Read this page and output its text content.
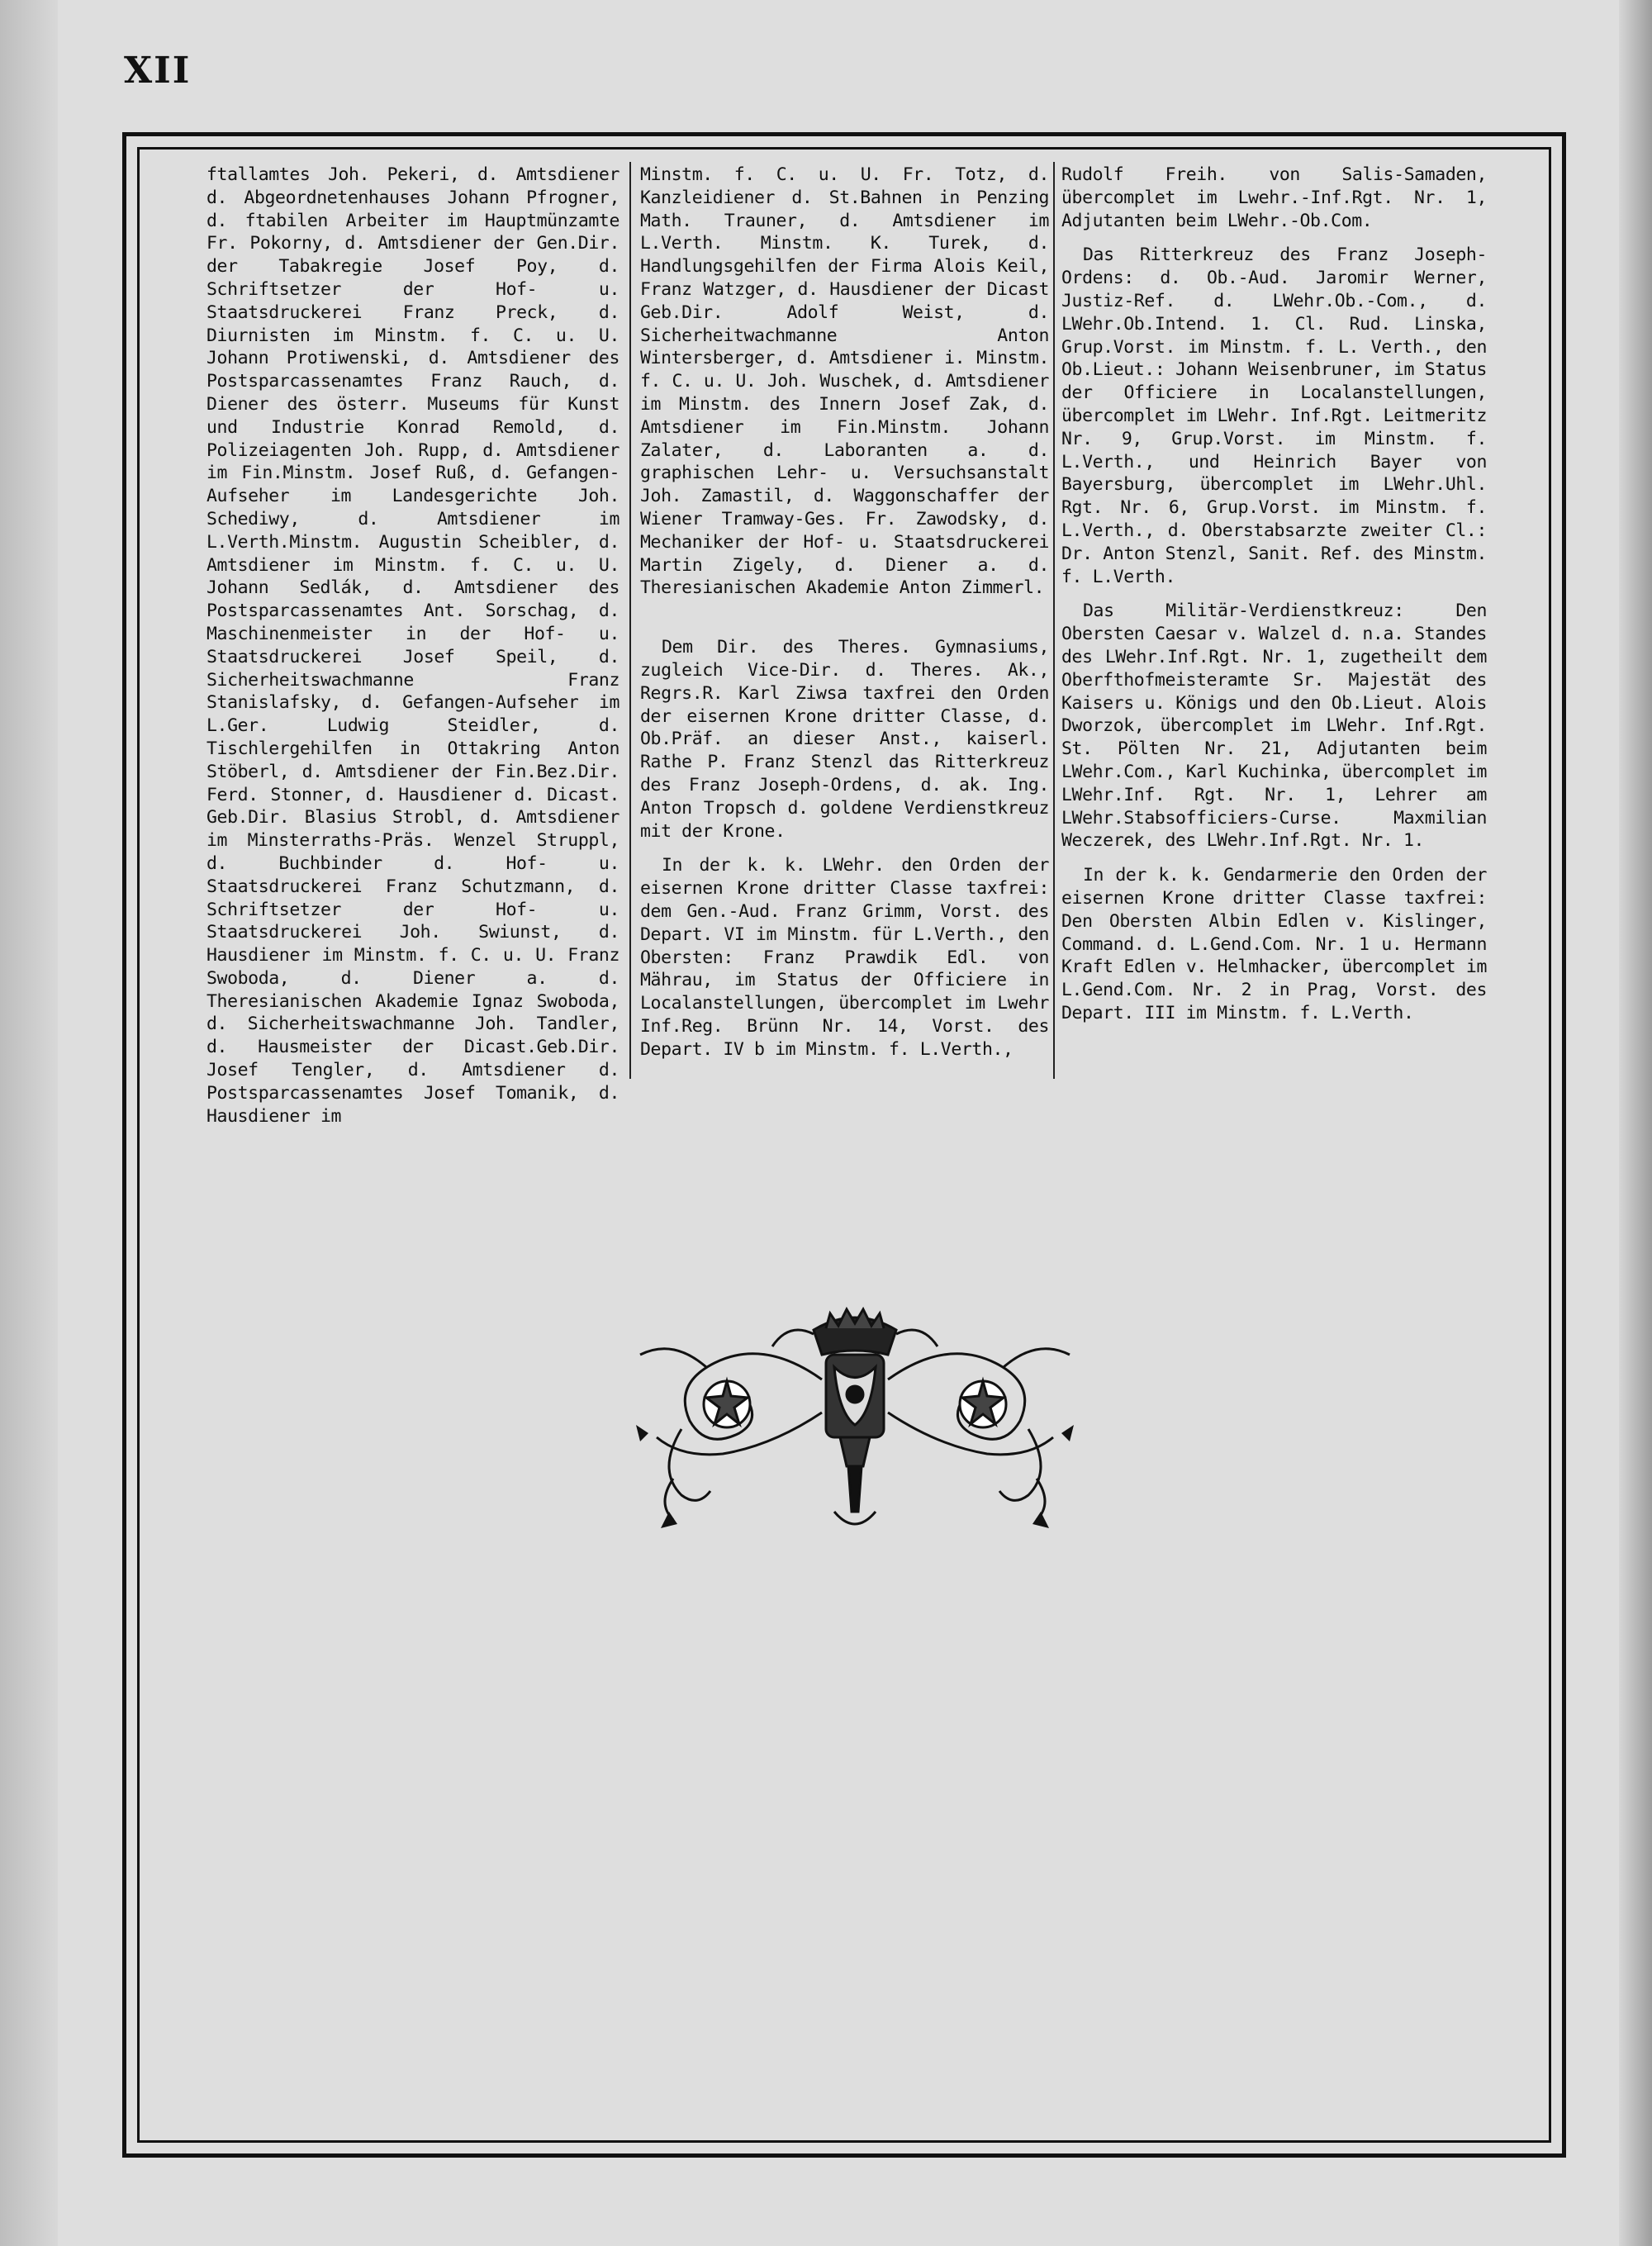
XII

ftallamtes Joh. Pekeri, d. Amtsdiener d. Abgeordnetenhauses Johann Pfrogner, d. ftabilen Arbeiter im Hauptmünzamte Fr. Pokorny, d. Amtsdiener der Gen.Dir. der Tabakregie Josef Poy, d. Schriftsetzer der Hof- u. Staatsdruckerei Franz Preck, d. Diurnisten im Minstm. f. C. u. U. Johann Protiwenski, d. Amtsdiener des Postsparcassenamtes Franz Rauch, d. Diener des österr. Museums für Kunst und Industrie Konrad Remold, d. Polizeiagenten Joh. Rupp, d. Amtsdiener im Fin.Minstm. Josef Ruß, d. Gefangen-Aufseher im Landesgerichte Joh. Schediwy, d. Amtsdiener im L.Verth.Minstm. Augustin Scheibler, d. Amtsdiener im Minstm. f. C. u. U. Johann Sedlák, d. Amtsdiener des Postsparcassenamtes Ant. Sorschag, d. Maschinenmeister in der Hof- u. Staatsdruckerei Josef Speil, d. Sicherheitswachmanne Franz Stanislafsky, d. Gefangen-Aufseher im L.Ger. Ludwig Steidler, d. Tischlergehilfen in Ottakring Anton Stöberl, d. Amtsdiener der Fin.Bez.Dir. Ferd. Stonner, d. Hausdiener d. Dicast. Geb.Dir. Blasius Strobl, d. Amtsdiener im Minsterraths-Präs. Wenzel Struppl, d. Buchbinder d. Hof- u. Staatsdruckerei Franz Schutzmann, d. Schriftsetzer der Hof- u. Staatsdruckerei Joh. Swiunst, d. Hausdiener im Minstm. f. C. u. U. Franz Swoboda, d. Diener a. d. Theresianischen Akademie Ignaz Swoboda, d. Sicherheitswachmanne Joh. Tandler, d. Hausmeister der Dicast.Geb.Dir. Josef Tengler, d. Amtsdiener d. Postsparcassenamtes Josef Tomanik, d. Hausdiener im

Minstm. f. C. u. U. Fr. Totz, d. Kanzleidiener d. St.Bahnen in Penzing Math. Trauner, d. Amtsdiener im L.Verth. Minstm. K. Turek, d. Handlungsgehilfen der Firma Alois Keil, Franz Watzger, d. Hausdiener der Dicast Geb.Dir. Adolf Weist, d. Sicherheitwachmanne Anton Wintersberger, d. Amtsdiener i. Minstm. f. C. u. U. Joh. Wuschek, d. Amtsdiener im Minstm. des Innern Josef Zak, d. Amtsdiener im Fin.Minstm. Johann Zalater, d. Laboranten a. d. graphischen Lehr- u. Versuchsanstalt Joh. Zamastil, d. Waggonschaffer der Wiener Tramway-Ges. Fr. Zawodsky, d. Mechaniker der Hof- u. Staatsdruckerei Martin Zigely, d. Diener a. d. Theresianischen Akademie Anton Zimmerl.

Dem Dir. des Theres. Gymnasiums, zugleich Vice-Dir. d. Theres. Ak., Regrs.R. Karl Ziwsa taxfrei den Orden der eisernen Krone dritter Classe, d. Ob.Präf. an dieser Anst., kaiserl. Rathe P. Franz Stenzl das Ritterkreuz des Franz Joseph-Ordens, d. ak. Ing. Anton Tropsch d. goldene Verdienstkreuz mit der Krone.

In der k. k. LWehr. den Orden der eisernen Krone dritter Classe taxfrei: dem Gen.-Aud. Franz Grimm, Vorst. des Depart. VI im Minstm. für L.Verth., den Obersten: Franz Prawdik Edl. von Mährau, im Status der Officiere in Localanstellungen, übercomplet im Lwehr Inf.Reg. Brünn Nr. 14, Vorst. des Depart. IV b im Minstm. f. L.Verth.,

Rudolf Freih. von Salis-Samaden, übercomplet im Lwehr.-Inf.Rgt. Nr. 1, Adjutanten beim LWehr.-Ob.Com.

Das Ritterkreuz des Franz Joseph-Ordens: d. Ob.-Aud. Jaromir Werner, Justiz-Ref. d. LWehr.Ob.-Com., d. LWehr.Ob.Intend. 1. Cl. Rud. Linska, Grup.Vorst. im Minstm. f. L. Verth., den Ob.Lieut.: Johann Weisenbruner, im Status der Officiere in Localanstellungen, übercomplet im LWehr. Inf.Rgt. Leitmeritz Nr. 9, Grup.Vorst. im Minstm. f. L.Verth., und Heinrich Bayer von Bayersburg, übercomplet im LWehr.Uhl. Rgt. Nr. 6, Grup.Vorst. im Minstm. f. L.Verth., d. Oberstabsarzte zweiter Cl.: Dr. Anton Stenzl, Sanit. Ref. des Minstm. f. L.Verth.

Das Militär-Verdienstkreuz: Den Obersten Caesar v. Walzel d. n.a. Standes des LWehr.Inf.Rgt. Nr. 1, zugetheilt dem Oberfthofmeisteramte Sr. Majestät des Kaisers u. Königs und den Ob.Lieut. Alois Dworzok, übercomplet im LWehr. Inf.Rgt. St. Pölten Nr. 21, Adjutanten beim LWehr.Com., Karl Kuchinka, übercomplet im LWehr.Inf. Rgt. Nr. 1, Lehrer am LWehr.Stabsofficiers-Curse. Maxmilian Weczerek, des LWehr.Inf.Rgt. Nr. 1.

In der k. k. Gendarmerie den Orden der eisernen Krone dritter Classe taxfrei: Den Obersten Albin Edlen v. Kislinger, Command. d. L.Gend.Com. Nr. 1 u. Hermann Kraft Edlen v. Helmhacker, übercomplet im L.Gend.Com. Nr. 2 in Prag, Vorst. des Depart. III im Minstm. f. L.Verth.
